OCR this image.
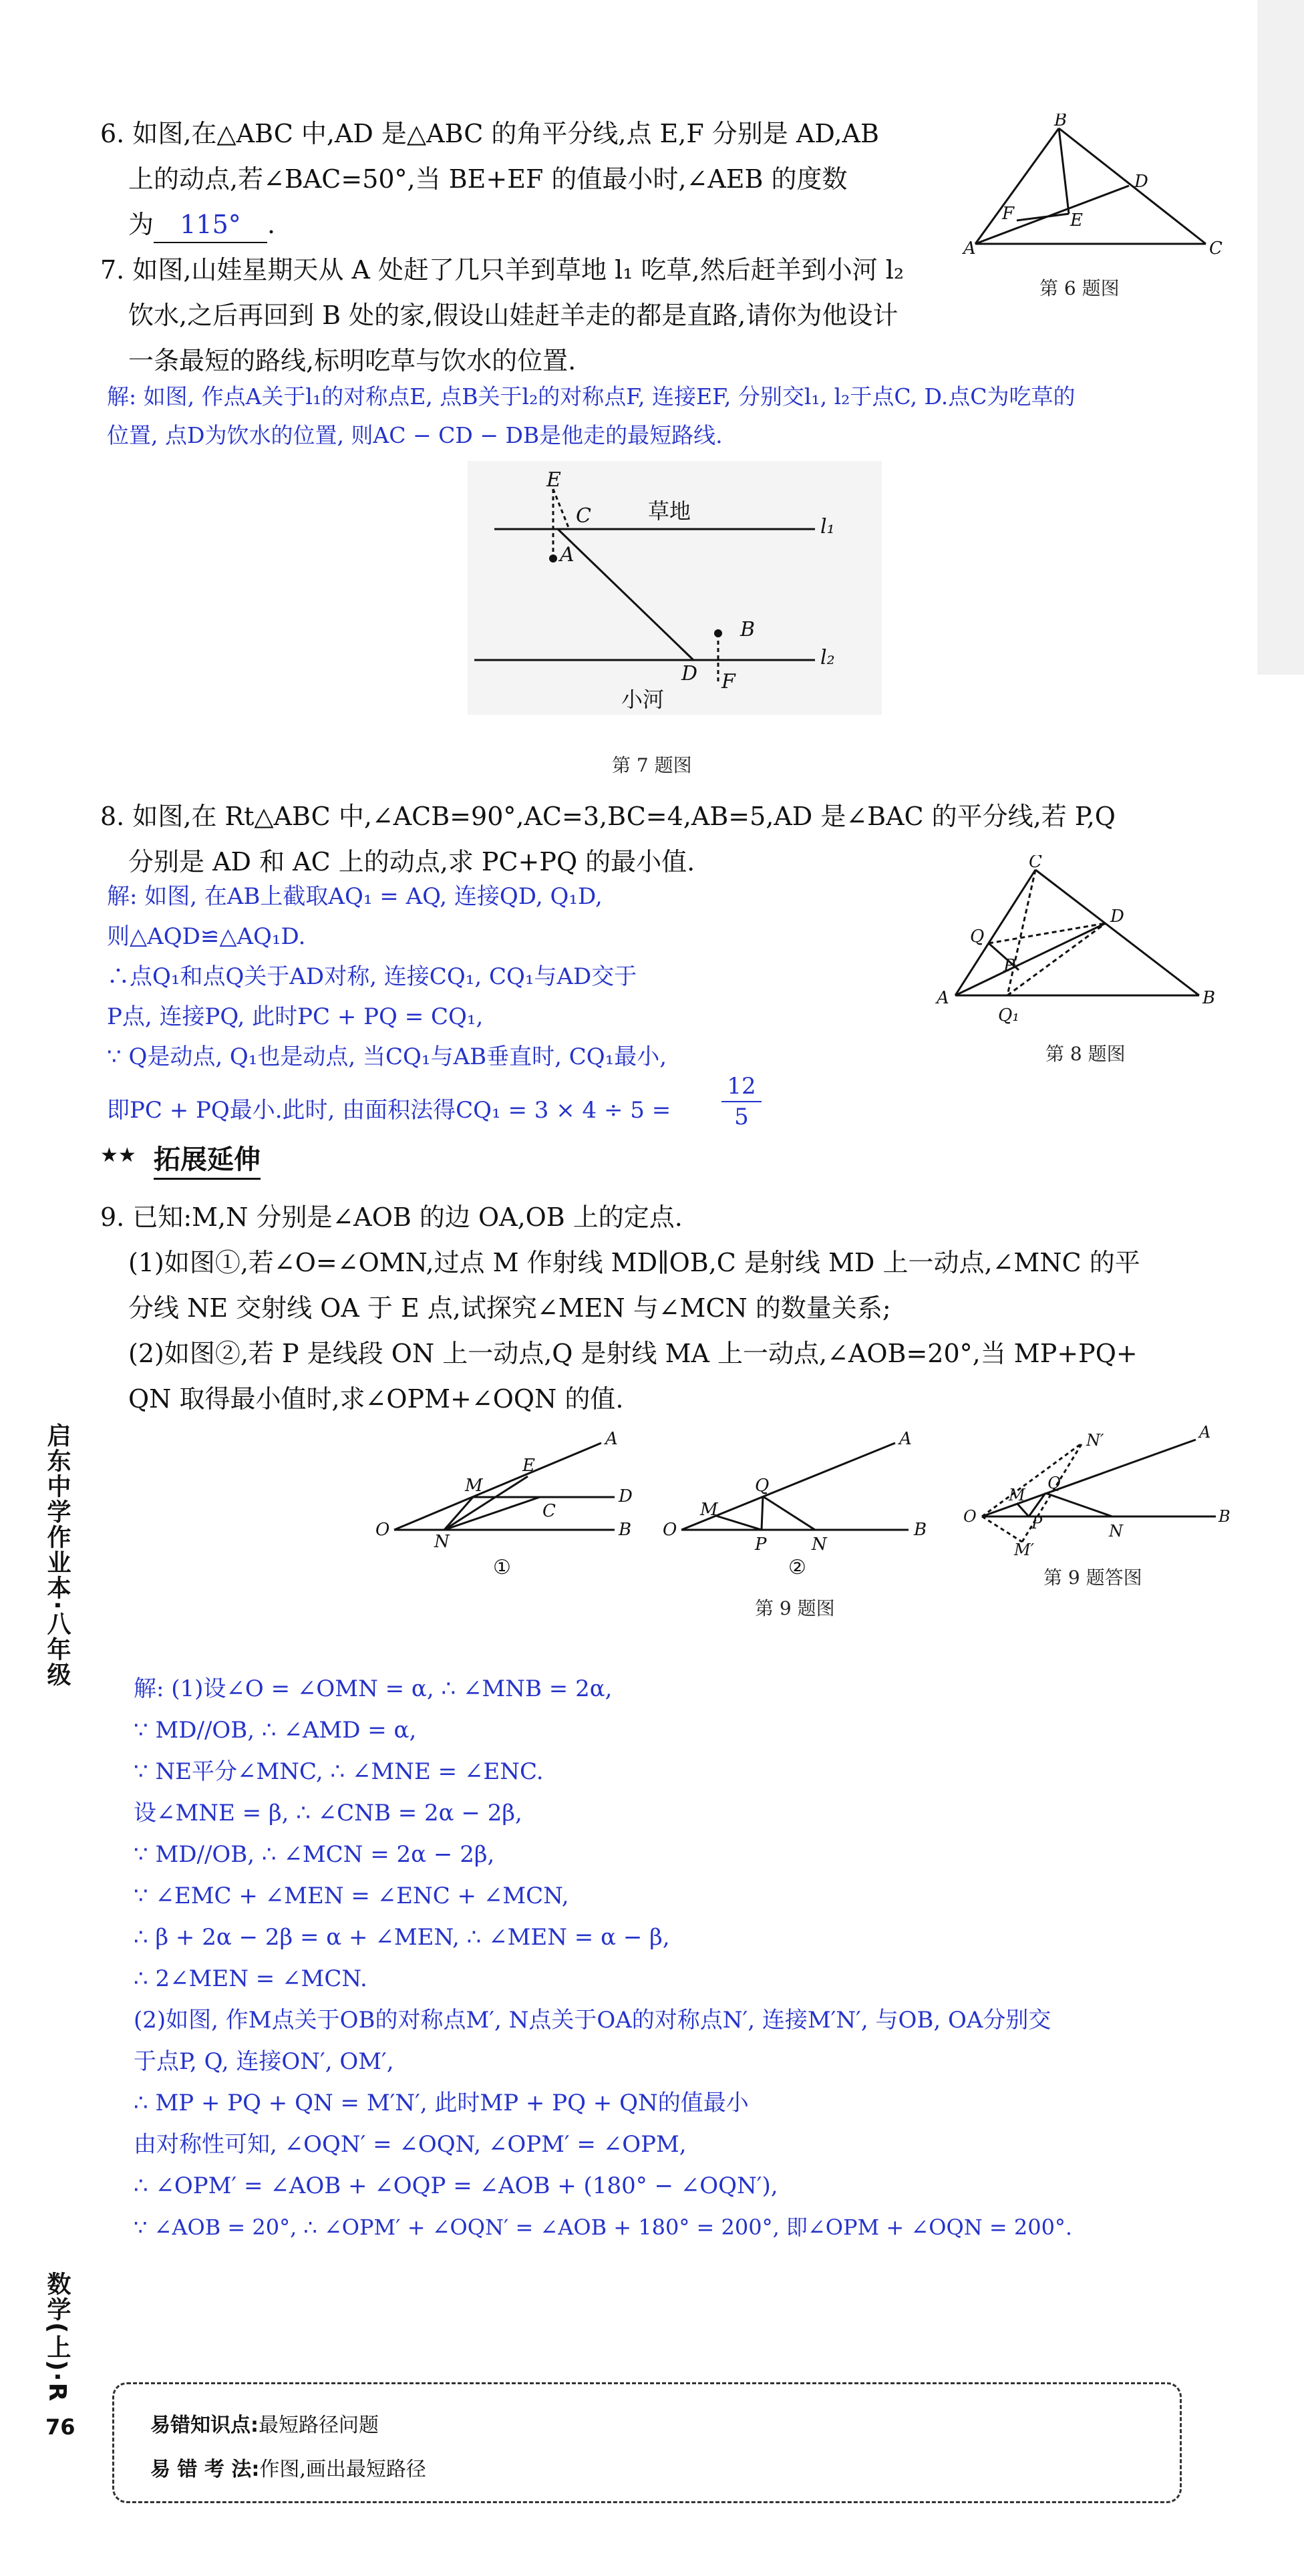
6. 如图,在△ABC 中,AD 是△ABC 的角平分线,点 E,F 分别是 AD,AB
上的动点,若∠BAC=50°,当 BE+EF 的值最小时,∠AEB 的度数
为 115° .
B
A	C
D
E
F
第 6 题图
7. 如图,山娃星期天从 A 处赶了几只羊到草地 l₁ 吃草,然后赶羊到小河 l₂
饮水,之后再回到 B 处的家,假设山娃赶羊走的都是直路,请你为他设计
一条最短的路线,标明吃草与饮水的位置.
解: 如图, 作点A关于l₁的对称点E, 点B关于l₂的对称点F, 连接EF, 分别交l₁, l₂于点C, D.点C为吃草的
位置, 点D为饮水的位置, 则AC − CD − DB是他走的最短路线.
E
C
A
B
D F
l₁
l₂
草地
小河
第 7 题图
8. 如图,在 Rt△ABC 中,∠ACB=90°,AC=3,BC=4,AB=5,AD 是∠BAC 的平分线,若 P,Q
分别是 AD 和 AC 上的动点,求 PC+PQ 的最小值.
解: 如图, 在AB上截取AQ₁ = AQ, 连接QD, Q₁D,
则△AQD≌△AQ₁D.
∴点Q₁和点Q关于AD对称, 连接CQ₁, CQ₁与AD交于
P点, 连接PQ, 此时PC + PQ = CQ₁,
∵ Q是动点, Q₁也是动点, 当CQ₁与AB垂直时, CQ₁最小,
即PC + PQ最小.此时, 由面积法得$CQ_1 = 3 \times 4 \div 5 = \frac{12}{5}$
C
D
A	B
Q
P
Q₁
第 8 题图
★★ 拓展延伸
9. 已知:M,N 分别是∠AOB 的边 OA,OB 上的定点.
(1)如图①,若∠O=∠OMN,过点 M 作射线 MD∥OB,C 是射线 MD 上一动点,∠MNC 的平
分线 NE 交射线 OA 于 E 点,试探究∠MEN 与∠MCN 的数量关系;
(2)如图②,若 P 是线段 ON 上一动点,Q 是射线 MA 上一动点,∠AOB=20°,当 MP+PQ+
QN 取得最小值时,求∠OPM+∠OQN 的值.
O
N
B
A
M
E
C
D
①
O
M
Q
P	N
B
A
②
O
M
Q
P	N
B
A
N′
M′
第 9 题图
第 9 题答图
解: (1)设∠O = ∠OMN = α, ∴ ∠MNB = 2α,
∵ MD//OB, ∴ ∠AMD = α,
∵ NE平分∠MNC, ∴ ∠MNE = ∠ENC.
设∠MNE = β, ∴ ∠CNB = 2α − 2β,
∵ MD//OB, ∴ ∠MCN = 2α − 2β,
∵ ∠EMC + ∠MEN = ∠ENC + ∠MCN,
∴ β + 2α − 2β = α + ∠MEN, ∴ ∠MEN = α − β,
∴ 2∠MEN = ∠MCN.
(2)如图, 作M点关于OB的对称点M′, N点关于OA的对称点N′, 连接M′N′, 与OB, OA分别交
于点P, Q, 连接ON′, OM′,
∴ MP + PQ + QN = M′N′, 此时MP + PQ + QN的值最小
由对称性可知, ∠OQN′ = ∠OQN, ∠OPM′ = ∠OPM,
∴ ∠OPM′ = ∠AOB + ∠OQP = ∠AOB + (180° − ∠OQN′),
∵ ∠AOB = 20°, ∴ ∠OPM′ + ∠OQN′ = ∠AOB + 180° = 200°, 即∠OPM + ∠OQN = 200°.
启东中学作业本·八年级
数学(上)·R
76	易错知识点:最短路径问题
易 错 考 法:作图,画出最短路径
